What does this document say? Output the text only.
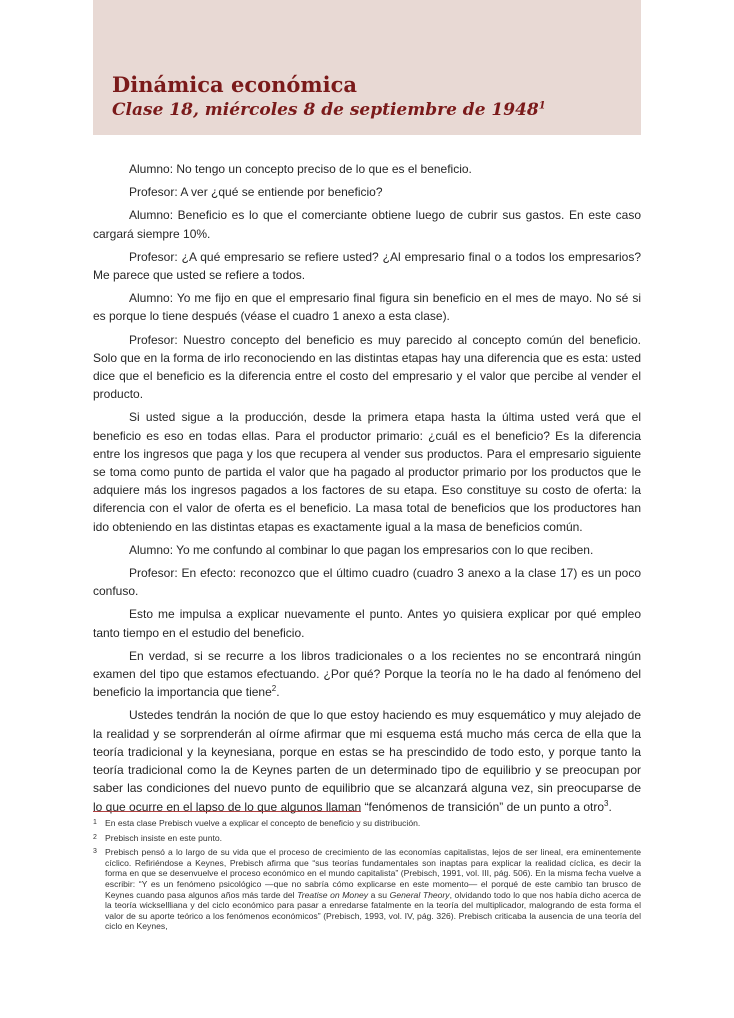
Dinámica económica
Clase 18, miércoles 8 de septiembre de 1948$^1$

Alumno: No tengo un concepto preciso de lo que es el beneficio.

Profesor: A ver ¿qué se entiende por beneficio?

Alumno: Beneficio es lo que el comerciante obtiene luego de cubrir sus gastos. En este caso cargará siempre 10%.

Profesor: ¿A qué empresario se refiere usted? ¿Al empresario final o a todos los empresarios? Me parece que usted se refiere a todos.

Alumno: Yo me fijo en que el empresario final figura sin beneficio en el mes de mayo. No sé si es porque lo tiene después (véase el cuadro 1 anexo a esta clase).

Profesor: Nuestro concepto del beneficio es muy parecido al concepto común del beneficio. Solo que en la forma de irlo reconociendo en las distintas etapas hay una diferencia que es esta: usted dice que el beneficio es la diferencia entre el costo del empresario y el valor que percibe al vender el producto.

Si usted sigue a la producción, desde la primera etapa hasta la última usted verá que el beneficio es eso en todas ellas. Para el productor primario: ¿cuál es el beneficio? Es la diferencia entre los ingresos que paga y los que recupera al vender sus productos. Para el empresario siguiente se toma como punto de partida el valor que ha pagado al productor primario por los productos que le adquiere más los ingresos pagados a los factores de su etapa. Eso constituye su costo de oferta: la diferencia con el valor de oferta es el beneficio. La masa total de beneficios que los productores han ido obteniendo en las distintas etapas es exactamente igual a la masa de beneficios común.

Alumno: Yo me confundo al combinar lo que pagan los empresarios con lo que reciben.

Profesor: En efecto: reconozco que el último cuadro (cuadro 3 anexo a la clase 17) es un poco confuso.

Esto me impulsa a explicar nuevamente el punto. Antes yo quisiera explicar por qué empleo tanto tiempo en el estudio del beneficio.

En verdad, si se recurre a los libros tradicionales o a los recientes no se encontrará ningún examen del tipo que estamos efectuando. ¿Por qué? Porque la teoría no le ha dado al fenómeno del beneficio la importancia que tiene$^2$.

Ustedes tendrán la noción de que lo que estoy haciendo es muy esquemático y muy alejado de la realidad y se sorprenderán al oírme afirmar que mi esquema está mucho más cerca de ella que la teoría tradicional y la keynesiana, porque en estas se ha prescindido de todo esto, y porque tanto la teoría tradicional como la de Keynes parten de un determinado tipo de equilibrio y se preocupan por saber las condiciones del nuevo punto de equilibrio que se alcanzará alguna vez, sin preocuparse de lo que ocurre en el lapso de lo que algunos llaman “fenómenos de transición” de un punto a otro$^3$.

1 En esta clase Prebisch vuelve a explicar el concepto de beneficio y su distribución.
2 Prebisch insiste en este punto.
3 Prebisch pensó a lo largo de su vida que el proceso de crecimiento de las economías capitalistas, lejos de ser lineal, era eminentemente cíclico. Refiriéndose a Keynes, Prebisch afirma que “sus teorías fundamentales son inaptas para explicar la realidad cíclica, es decir la forma en que se desenvuelve el proceso económico en el mundo capitalista” (Prebisch, 1991, vol. III, pág. 506). En la misma fecha vuelve a escribir: “Y es un fenómeno psicológico —que no sabría cómo explicarse en este momento— el porqué de este cambio tan brusco de Keynes cuando pasa algunos años más tarde del Treatise on Money a su General Theory, olvidando todo lo que nos había dicho acerca de la teoría wicksellliana y del ciclo económico para pasar a enredarse fatalmente en la teoría del multiplicador, malogrando de esta forma el valor de su aporte teórico a los fenómenos económicos” (Prebisch, 1993, vol. IV, pág. 326). Prebisch criticaba la ausencia de una teoría del ciclo en Keynes,
